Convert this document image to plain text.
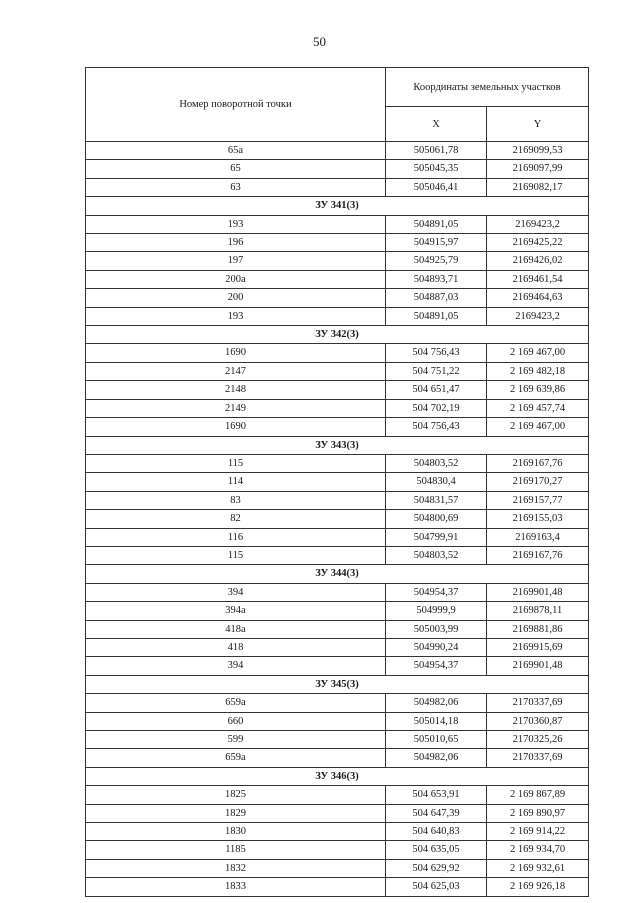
50
Номер поворотной точки	Координаты земельных участков	
	X	Y
65а	505061,78	2169099,53
65	505045,35	2169097,99
63	505046,41	2169082,17
ЗУ 341(3)		
193	504891,05	2169423,2
196	504915,97	2169425,22
197	504925,79	2169426,02
200а	504893,71	2169461,54
200	504887,03	2169464,63
193	504891,05	2169423,2
ЗУ 342(3)		
1690	504 756,43	2 169 467,00
2147	504 751,22	2 169 482,18
2148	504 651,47	2 169 639,86
2149	504 702,19	2 169 457,74
1690	504 756,43	2 169 467,00
ЗУ 343(3)		
115	504803,52	2169167,76
114	504830,4	2169170,27
83	504831,57	2169157,77
82	504800,69	2169155,03
116	504799,91	2169163,4
115	504803,52	2169167,76
ЗУ 344(3)		
394	504954,37	2169901,48
394а	504999,9	2169878,11
418а	505003,99	2169881,86
418	504990,24	2169915,69
394	504954,37	2169901,48
ЗУ 345(3)		
659а	504982,06	2170337,69
660	505014,18	2170360,87
599	505010,65	2170325,26
659а	504982,06	2170337,69
ЗУ 346(3)		
1825	504 653,91	2 169 867,89
1829	504 647,39	2 169 890,97
1830	504 640,83	2 169 914,22
1185	504 635,05	2 169 934,70
1832	504 629,92	2 169 932,61
1833	504 625,03	2 169 926,18
